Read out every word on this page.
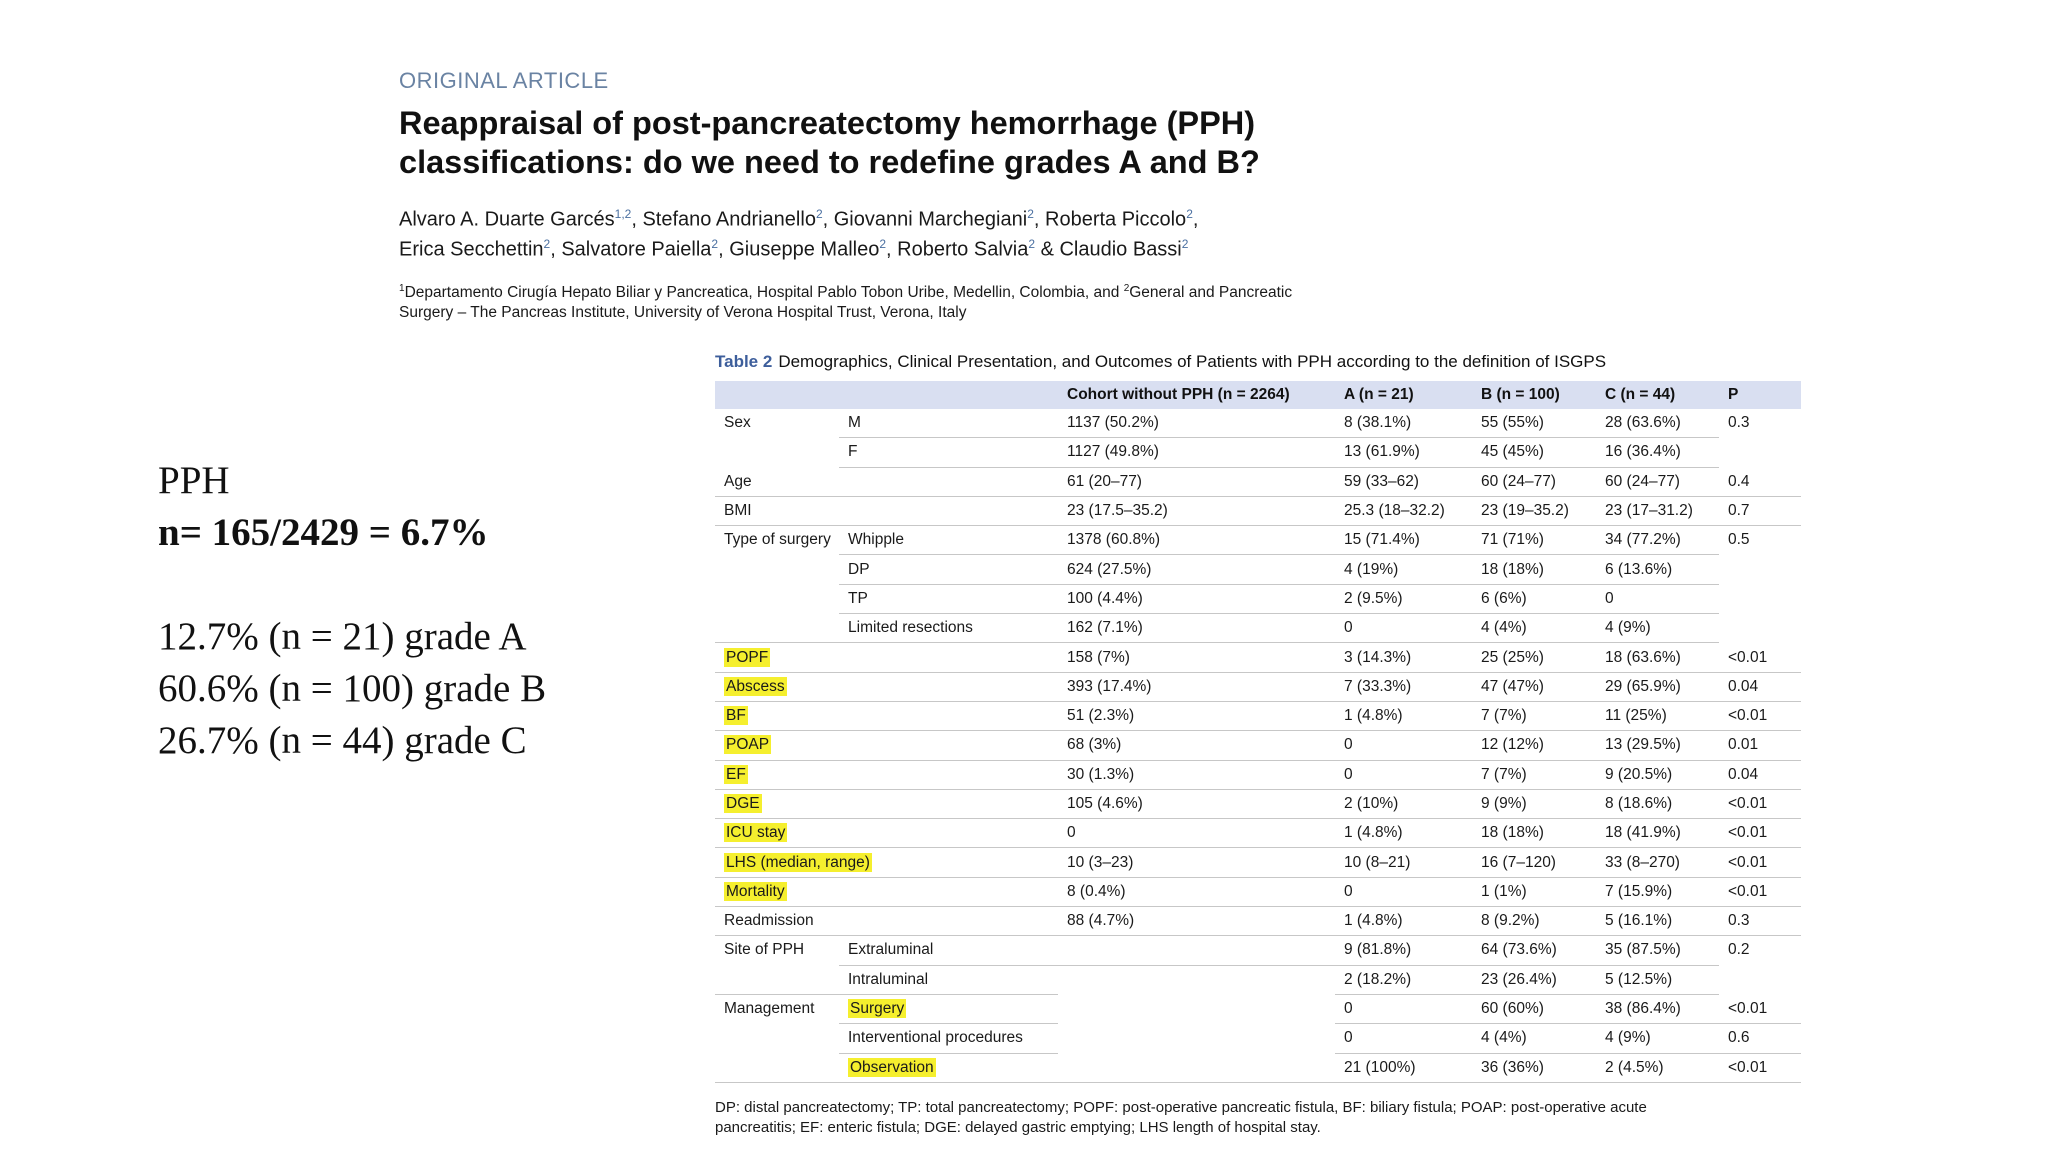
ORIGINAL ARTICLE
Reappraisal of post-pancreatectomy hemorrhage (PPH)
classifications: do we need to redefine grades A and B?
Alvaro A. Duarte Garcés$^{1,2}$, Stefano Andrianello$^2$, Giovanni Marchegiani$^2$, Roberta Piccolo$^2$,
Erica Secchettin$^2$, Salvatore Paiella$^2$, Giuseppe Malleo$^2$, Roberto Salvia$^2$ & Claudio Bassi$^2$
$^1$Departamento Cirugía Hepato Biliar y Pancreatica, Hospital Pablo Tobon Uribe, Medellin, Colombia, and $^2$General and Pancreatic
Surgery – The Pancreas Institute, University of Verona Hospital Trust, Verona, Italy
PPH
n= 165/2429 = 6.7%
12.7% (n = 21) grade A
60.6% (n = 100) grade B
26.7% (n = 44) grade C
Table 2 Demographics, Clinical Presentation, and Outcomes of Patients with PPH according to the definition of ISGPS
		Cohort without PPH (n = 2264)	A (n = 21)	B (n = 100)	C (n = 44)	P
Sex	M	1137 (50.2%)	8 (38.1%)	55 (55%)	28 (63.6%)	0.3
	F	1127 (49.8%)	13 (61.9%)	45 (45%)	16 (36.4%)	
Age		61 (20–77)	59 (33–62)	60 (24–77)	60 (24–77)	0.4
BMI		23 (17.5–35.2)	25.3 (18–32.2)	23 (19–35.2)	23 (17–31.2)	0.7
Type of surgery	Whipple	1378 (60.8%)	15 (71.4%)	71 (71%)	34 (77.2%)	0.5
	DP	624 (27.5%)	4 (19%)	18 (18%)	6 (13.6%)	
	TP	100 (4.4%)	2 (9.5%)	6 (6%)	0	
	Limited resections	162 (7.1%)	0	4 (4%)	4 (9%)	
POPF		158 (7%)	3 (14.3%)	25 (25%)	18 (63.6%)	<0.01
Abscess		393 (17.4%)	7 (33.3%)	47 (47%)	29 (65.9%)	0.04
BF		51 (2.3%)	1 (4.8%)	7 (7%)	11 (25%)	<0.01
POAP		68 (3%)	0	12 (12%)	13 (29.5%)	0.01
EF		30 (1.3%)	0	7 (7%)	9 (20.5%)	0.04
DGE		105 (4.6%)	2 (10%)	9 (9%)	8 (18.6%)	<0.01
ICU stay		0	1 (4.8%)	18 (18%)	18 (41.9%)	<0.01
LHS (median, range)		10 (3–23)	10 (8–21)	16 (7–120)	33 (8–270)	<0.01
Mortality		8 (0.4%)	0	1 (1%)	7 (15.9%)	<0.01
Readmission		88 (4.7%)	1 (4.8%)	8 (9.2%)	5 (16.1%)	0.3
Site of PPH	Extraluminal		9 (81.8%)	64 (73.6%)	35 (87.5%)	0.2
	Intraluminal		2 (18.2%)	23 (26.4%)	5 (12.5%)	
Management	Surgery		0	60 (60%)	38 (86.4%)	<0.01
	Interventional procedures		0	4 (4%)	4 (9%)	0.6
	Observation		21 (100%)	36 (36%)	2 (4.5%)	<0.01
DP: distal pancreatectomy; TP: total pancreatectomy; POPF: post-operative pancreatic fistula, BF: biliary fistula; POAP: post-operative acute
pancreatitis; EF: enteric fistula; DGE: delayed gastric emptying; LHS length of hospital stay.
